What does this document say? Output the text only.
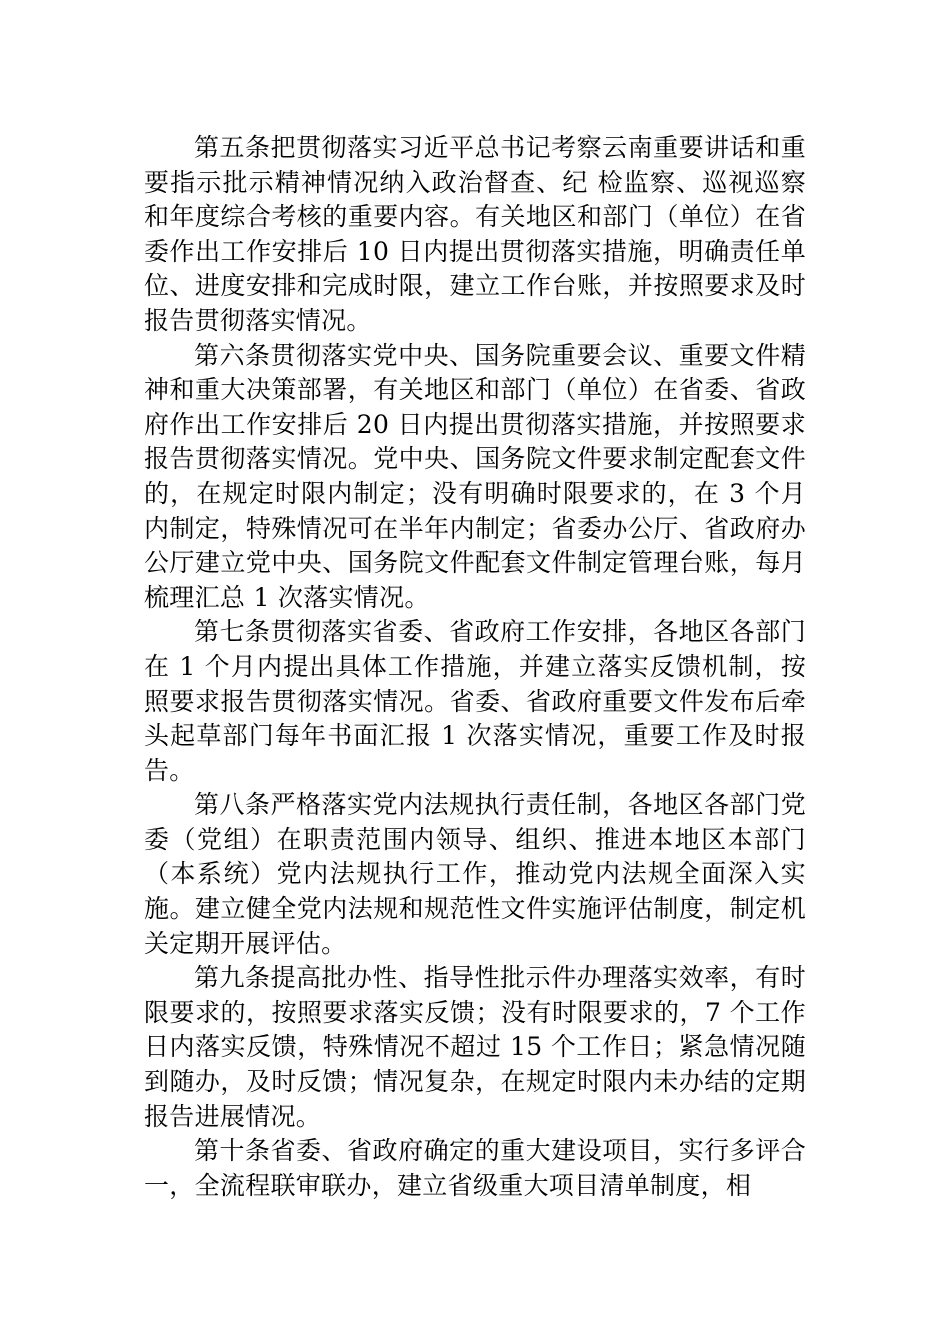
第五条把贯彻落实习近平总书记考察云南重要讲话和重要指示批示精神情况纳入政治督查、纪 检监察、巡视巡察和年度综合考核的重要内容。有关地区和部门（单位）在省委作出工作安排后 10 日内提出贯彻落实措施，明确责任单位、进度安排和完成时限，建立工作台账，并按照要求及时报告贯彻落实情况。

第六条贯彻落实党中央、国务院重要会议、重要文件精神和重大决策部署，有关地区和部门（单位）在省委、省政府作出工作安排后 20 日内提出贯彻落实措施，并按照要求报告贯彻落实情况。党中央、国务院文件要求制定配套文件的，在规定时限内制定；没有明确时限要求的，在 3 个月内制定，特殊情况可在半年内制定；省委办公厅、省政府办公厅建立党中央、国务院文件配套文件制定管理台账，每月梳理汇总 1 次落实情况。

第七条贯彻落实省委、省政府工作安排，各地区各部门在 1 个月内提出具体工作措施，并建立落实反馈机制，按照要求报告贯彻落实情况。省委、省政府重要文件发布后牵头起草部门每年书面汇报 1 次落实情况，重要工作及时报告。

第八条严格落实党内法规执行责任制，各地区各部门党委（党组）在职责范围内领导、组织、推进本地区本部门（本系统）党内法规执行工作，推动党内法规全面深入实施。建立健全党内法规和规范性文件实施评估制度，制定机关定期开展评估。

第九条提高批办性、指导性批示件办理落实效率，有时限要求的，按照要求落实反馈；没有时限要求的，7 个工作日内落实反馈，特殊情况不超过 15 个工作日；紧急情况随到随办，及时反馈；情况复杂，在规定时限内未办结的定期报告进展情况。

第十条省委、省政府确定的重大建设项目，实行多评合一，全流程联审联办，建立省级重大项目清单制度，相
